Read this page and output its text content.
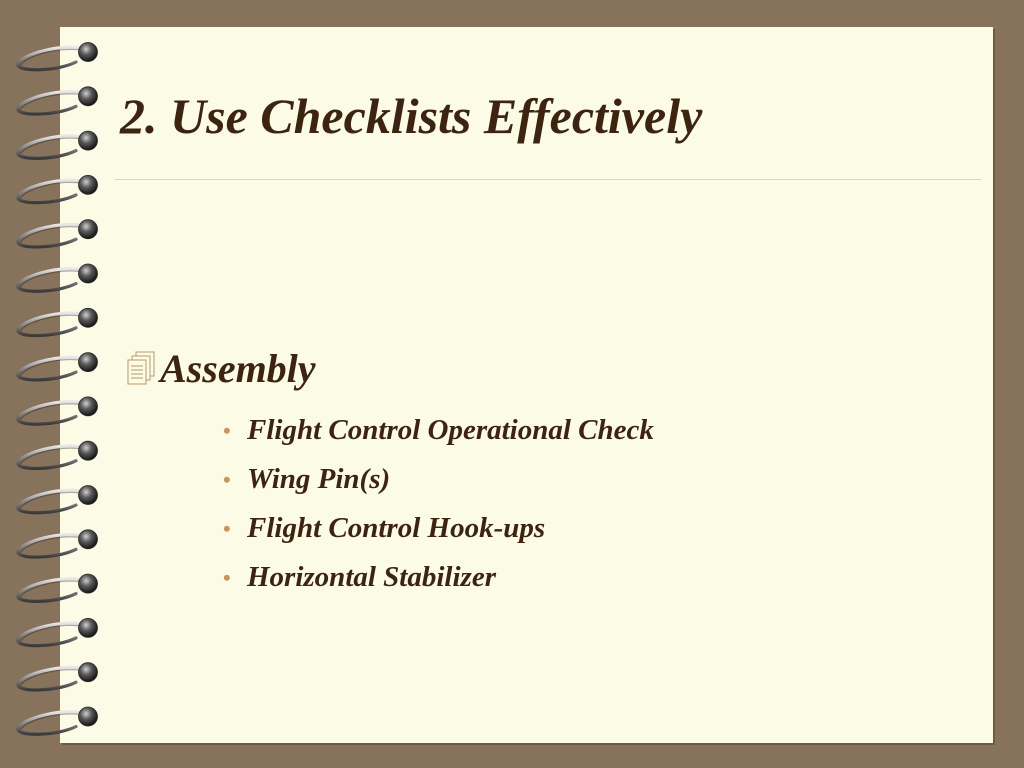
2. Use Checklists Effectively
Assembly
• Flight Control Operational Check
• Wing Pin(s)
• Flight Control Hook-ups
• Horizontal Stabilizer
